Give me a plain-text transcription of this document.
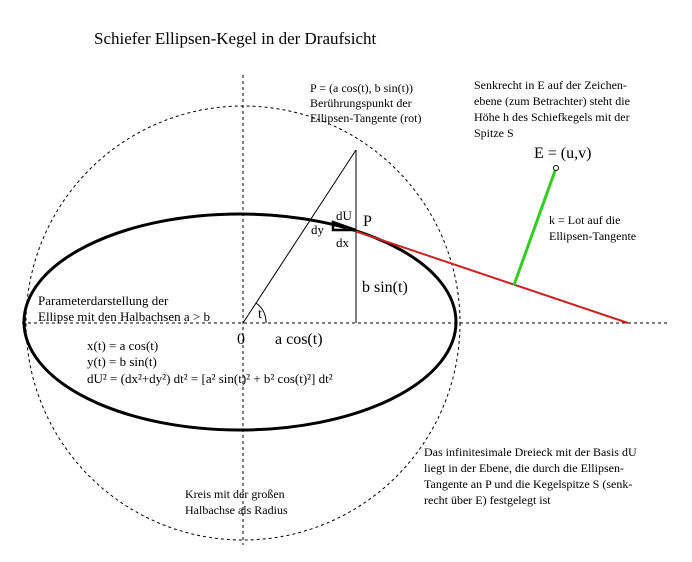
Schiefer Ellipsen-Kegel in der Draufsicht
P = (a cos(t), b sin(t))
Berührungspunkt der
Ellipsen-Tangente (rot)
Senkrecht in E auf der Zeichen-
ebene (zum Betrachter) steht die
Höhe h des Schiefkegels mit der
Spitze S
E = (u,v)
k = Lot auf die
Ellipsen-Tangente
P
dU
dy
dx
b sin(t)
t
0 a cos(t)
Parameterdarstellung der
Ellipse mit den Halbachsen a > b
x(t) = a cos(t)
y(t) = b sin(t)
dU² = (dx²+dy²) dt² = [a² sin(t)² + b² cos(t)²] dt²
Das infinitesimale Dreieck mit der Basis dU
liegt in der Ebene, die durch die Ellipsen-
Tangente an P und die Kegelspitze S (senk-
recht über E) festgelegt ist
Kreis mit der großen
Halbachse als Radius
